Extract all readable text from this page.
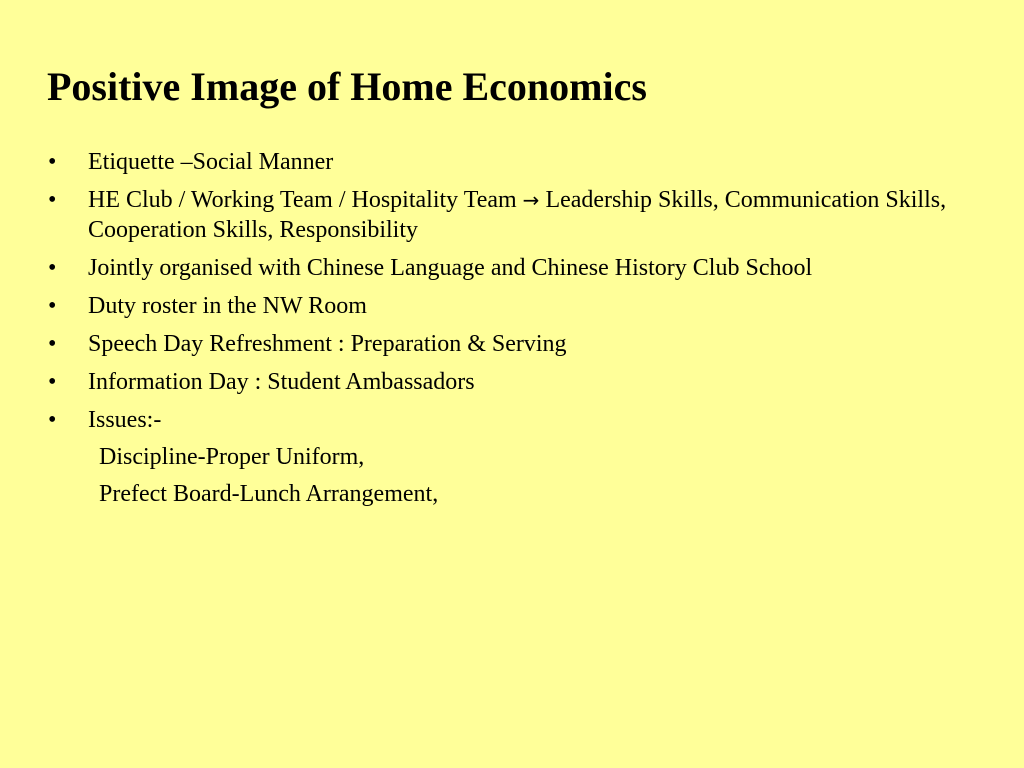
Positive Image of Home Economics
• Etiquette –Social Manner
• HE Club / Working Team / Hospitality Team → Leadership Skills, Communication Skills, Cooperation Skills, Responsibility
• Jointly organised with Chinese Language and Chinese History Club School
• Duty roster in the NW Room
• Speech Day Refreshment : Preparation & Serving
• Information Day : Student Ambassadors
• Issues:-
Discipline-Proper Uniform,
Prefect Board-Lunch Arrangement,
